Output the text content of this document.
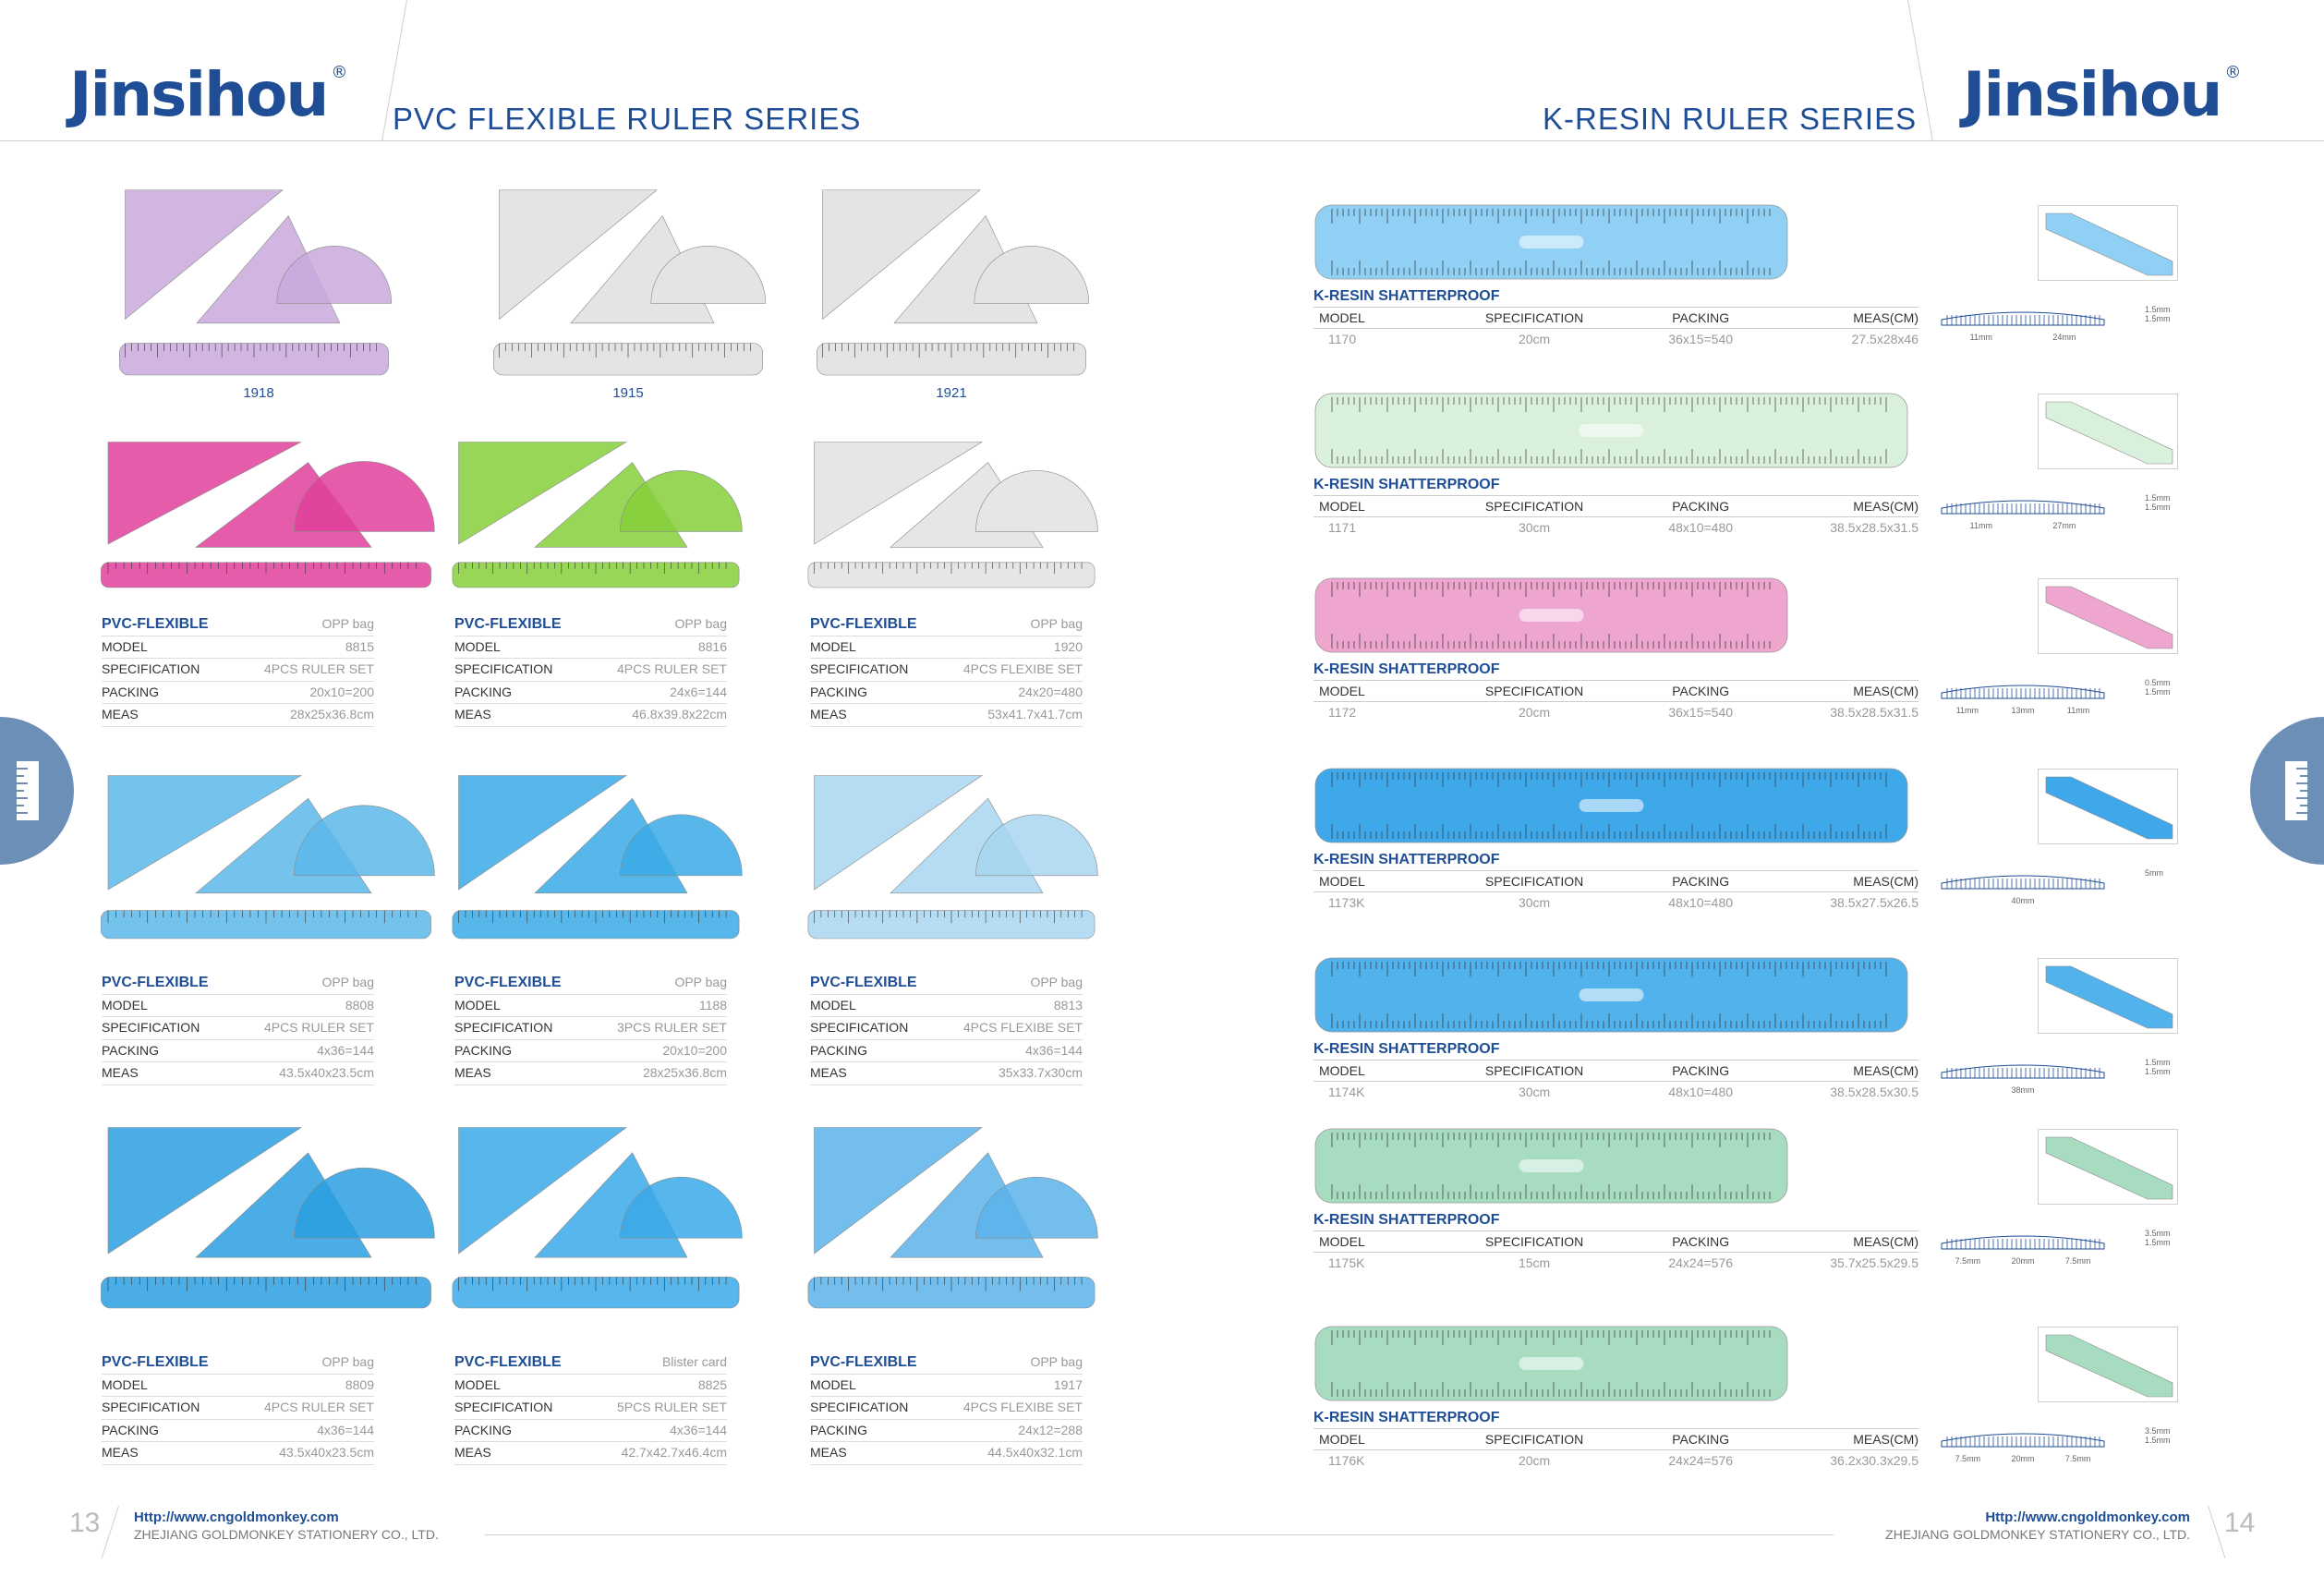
Jinsihou ®
PVC FLEXIBLE RULER SERIES	K-RESIN RULER SERIES Jinsihou ®
1918	1915	1921
PVC-FLEXIBLE	OPP bag
MODEL	8815
SPECIFICATION	4PCS RULER SET
PACKING	20x10=200
MEAS	28x25x36.8cm
PVC-FLEXIBLE	OPP bag
MODEL	8816
SPECIFICATION	4PCS RULER SET
PACKING	24x6=144
MEAS	46.8x39.8x22cm
PVC-FLEXIBLE	OPP bag
MODEL	1920
SPECIFICATION	4PCS FLEXIBE SET
PACKING	24x20=480
MEAS	53x41.7x41.7cm
PVC-FLEXIBLE	OPP bag
MODEL	8808
SPECIFICATION	4PCS RULER SET
PACKING	4x36=144
MEAS	43.5x40x23.5cm
PVC-FLEXIBLE	OPP bag
MODEL	1188
SPECIFICATION	3PCS RULER SET
PACKING	20x10=200
MEAS	28x25x36.8cm
PVC-FLEXIBLE	OPP bag
MODEL	8813
SPECIFICATION	4PCS FLEXIBE SET
PACKING	4x36=144
MEAS	35x33.7x30cm
PVC-FLEXIBLE	OPP bag
MODEL	8809
SPECIFICATION	4PCS RULER SET
PACKING	4x36=144
MEAS	43.5x40x23.5cm
PVC-FLEXIBLE	Blister card
MODEL	8825
SPECIFICATION	5PCS RULER SET
PACKING	4x36=144
MEAS	42.7x42.7x46.4cm
PVC-FLEXIBLE	OPP bag
MODEL	1917
SPECIFICATION	4PCS FLEXIBE SET
PACKING	24x12=288
MEAS	44.5x40x32.1cm
K-RESIN SHATTERPROOF
MODEL	SPECIFICATION	PACKING	MEAS(CM)
1170	20cm	36x15=540	27.5x28x46	11mm	24mm
1.5mm
1.5mm
K-RESIN SHATTERPROOF
MODEL	SPECIFICATION	PACKING	MEAS(CM)
1171	30cm	48x10=480	38.5x28.5x31.5	11mm	27mm
1.5mm
1.5mm
K-RESIN SHATTERPROOF
MODEL	SPECIFICATION	PACKING	MEAS(CM)
1172	20cm	36x15=540	38.5x28.5x31.5	11mm	13mm	11mm
0.5mm
1.5mm
K-RESIN SHATTERPROOF
MODEL	SPECIFICATION	PACKING	MEAS(CM)
1173K	30cm	48x10=480	38.5x27.5x26.5	40mm
5mm
K-RESIN SHATTERPROOF
MODEL	SPECIFICATION	PACKING	MEAS(CM)
1174K	30cm	48x10=480	38.5x28.5x30.5	38mm
1.5mm
1.5mm
K-RESIN SHATTERPROOF
MODEL	SPECIFICATION	PACKING	MEAS(CM)
1175K	15cm	24x24=576	35.7x25.5x29.5	7.5mm	20mm	7.5mm
3.5mm
1.5mm
K-RESIN SHATTERPROOF
MODEL	SPECIFICATION	PACKING	MEAS(CM)
1176K	20cm	24x24=576	36.2x30.3x29.5	7.5mm	20mm	7.5mm
3.5mm
1.5mm
13 Http://www.cngoldmonkey.com
ZHEJIANG GOLDMONKEY STATIONERY CO., LTD.
Http://www.cngoldmonkey.com
ZHEJIANG GOLDMONKEY STATIONERY CO., LTD. 14
